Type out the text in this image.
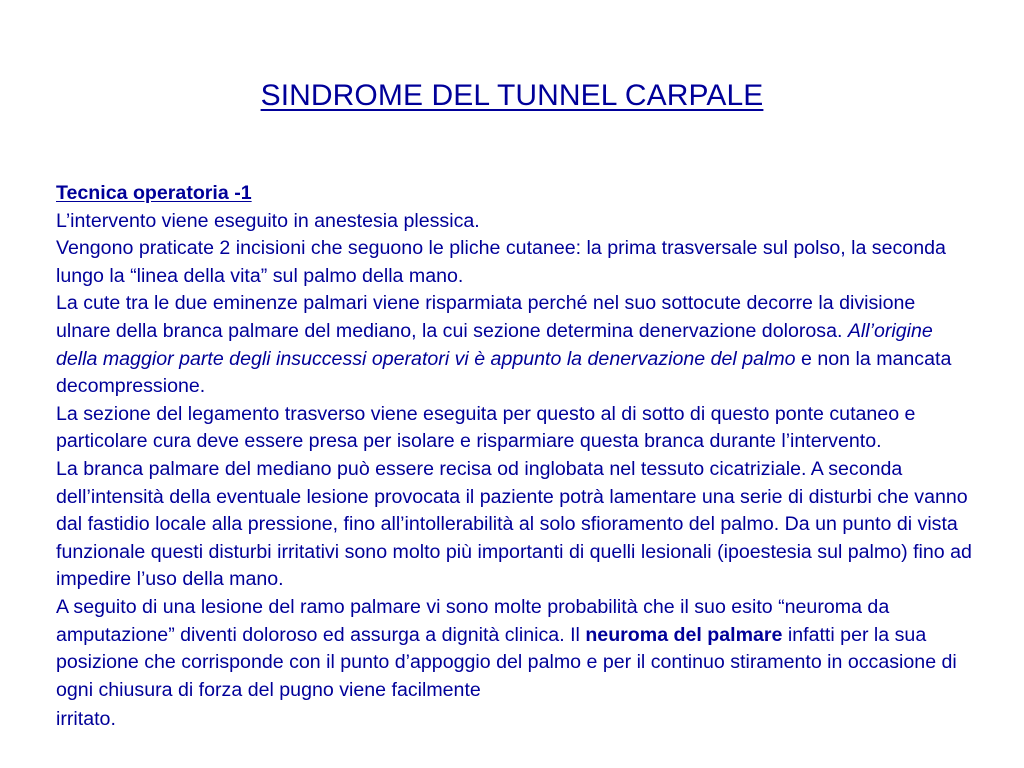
SINDROME DEL TUNNEL CARPALE
Tecnica operatoria -1
L’intervento viene eseguito in anestesia plessica.
Vengono praticate 2 incisioni che seguono le pliche cutanee: la prima trasversale sul polso, la seconda lungo la “linea della vita” sul palmo della mano.
La cute tra le due eminenze palmari viene risparmiata perché nel suo sottocute decorre la divisione ulnare della branca palmare del mediano, la cui sezione determina denervazione dolorosa. All’origine della maggior parte degli insuccessi operatori vi è appunto la denervazione del palmo e non la mancata decompressione.
La sezione del legamento trasverso viene eseguita per questo al di sotto di questo ponte cutaneo e particolare cura deve essere presa per isolare e risparmiare questa branca durante l’intervento.
La branca palmare del mediano può essere recisa od inglobata nel tessuto cicatriziale. A seconda dell’intensità della eventuale lesione provocata il paziente potrà lamentare una serie di disturbi che vanno dal fastidio locale alla pressione, fino all’intollerabilità al solo sfioramento del palmo. Da un punto di vista funzionale questi disturbi irritativi sono molto più importanti di quelli lesionali (ipoestesia sul palmo) fino ad impedire l’uso della mano.
A seguito di una lesione del ramo palmare vi sono molte probabilità che il suo esito “neuroma da amputazione” diventi doloroso ed assurga a dignità clinica. Il neuroma del palmare infatti per la sua posizione che corrisponde con il punto d’appoggio del palmo e per il continuo stiramento in occasione di ogni chiusura di forza del pugno viene facilmente
irritato.
